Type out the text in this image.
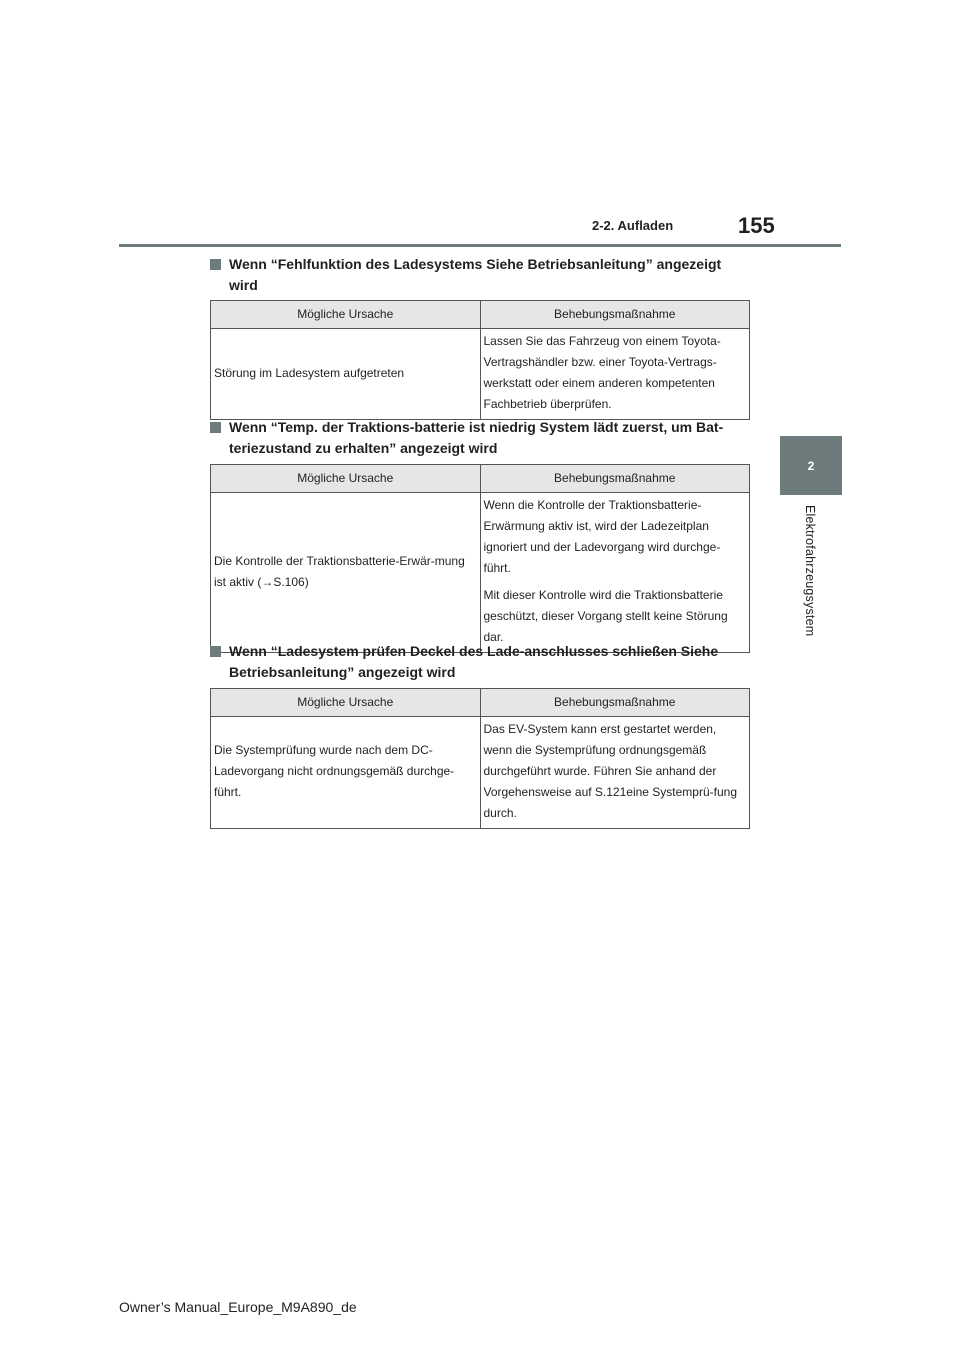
2-2. Aufladen	155
2
Elektrofahrzeugsystem
Wenn “Fehlfunktion des Ladesystems Siehe Betriebsanleitung” angezeigt wird
Mögliche Ursache	Behebungsmaßnahme

Störung im Ladesystem aufgetreten	Lassen Sie das Fahrzeug von einem Toyota-Vertragshändler bzw. einer Toyota-Vertrags-werkstatt oder einem anderen kompetenten Fachbetrieb überprüfen.

Wenn “Temp. der Traktions-batterie ist niedrig System lädt zuerst, um Bat-teriezustand zu erhalten” angezeigt wird
Mögliche Ursache	Behebungsmaßnahme

Die Kontrolle der Traktionsbatterie-Erwär-mung ist aktiv (→S.106)	Wenn die Kontrolle der Traktionsbatterie-Erwärmung aktiv ist, wird der Ladezeitplan ignoriert und der Ladevorgang wird durchge-führt.

Mit dieser Kontrolle wird die Traktionsbatterie geschützt, dieser Vorgang stellt keine Störung dar.

Wenn “Ladesystem prüfen Deckel des Lade-anschlusses schließen Siehe Betriebsanleitung” angezeigt wird
Mögliche Ursache	Behebungsmaßnahme

Die Systemprüfung wurde nach dem DC-Ladevorgang nicht ordnungsgemäß durchge-führt.	Das EV-System kann erst gestartet werden, wenn die Systemprüfung ordnungsgemäß durchgeführt wurde. Führen Sie anhand der Vorgehensweise auf S.121eine Systemprü-fung durch.

Owner’s Manual_Europe_M9A890_de
